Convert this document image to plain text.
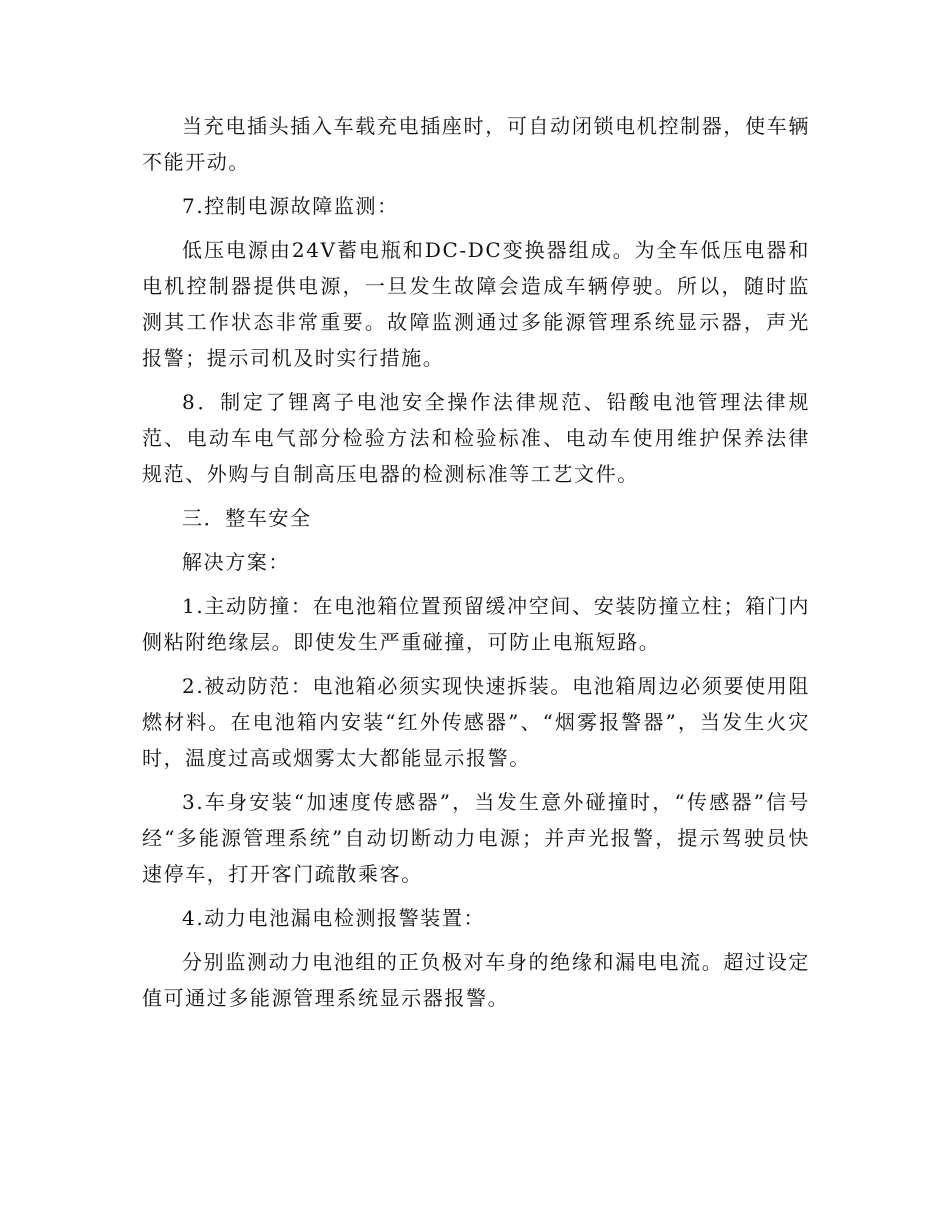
当充电插头插入车载充电插座时，可自动闭锁电机控制器，使车辆不能开动。

7.控制电源故障监测：

低压电源由24V蓄电瓶和DC-DC变换器组成。为全车低压电器和电机控制器提供电源，一旦发生故障会造成车辆停驶。所以，随时监测其工作状态非常重要。故障监测通过多能源管理系统显示器，声光报警；提示司机及时实行措施。

8．制定了锂离子电池安全操作法律规范、铅酸电池管理法律规范、电动车电气部分检验方法和检验标准、电动车使用维护保养法律规范、外购与自制高压电器的检测标准等工艺文件。

三．整车安全

解决方案：

1.主动防撞：在电池箱位置预留缓冲空间、安装防撞立柱；箱门内侧粘附绝缘层。即使发生严重碰撞，可防止电瓶短路。

2.被动防范：电池箱必须实现快速拆装。电池箱周边必须要使用阻燃材料。在电池箱内安装“红外传感器”、“烟雾报警器”，当发生火灾时，温度过高或烟雾太大都能显示报警。

3.车身安装“加速度传感器”，当发生意外碰撞时，“传感器”信号经“多能源管理系统”自动切断动力电源；并声光报警，提示驾驶员快速停车，打开客门疏散乘客。

4.动力电池漏电检测报警装置：

分别监测动力电池组的正负极对车身的绝缘和漏电电流。超过设定值可通过多能源管理系统显示器报警。
